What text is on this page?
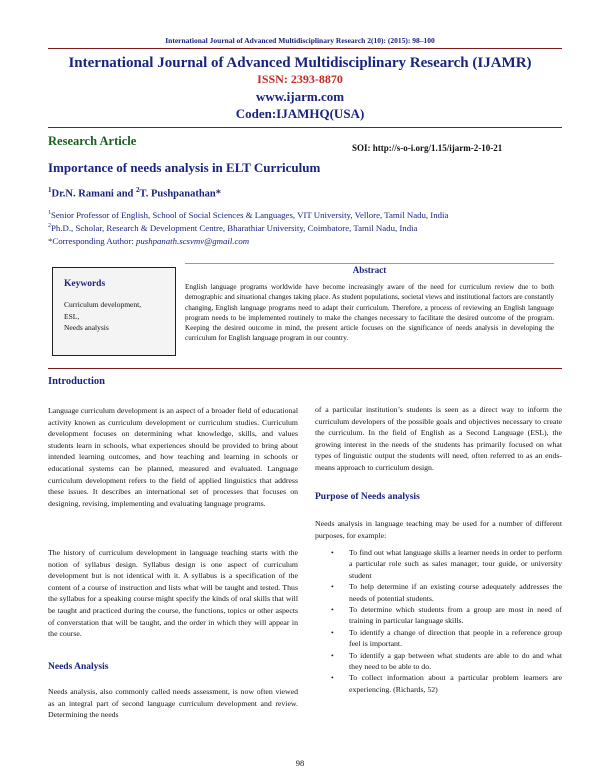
International Journal of Advanced Multidisciplinary Research 2(10): (2015): 98–100
International Journal of Advanced Multidisciplinary Research (IJAMR)
ISSN: 2393-8870
www.ijarm.com
Coden:IJAMHQ(USA)
Research Article	SOI: http://s-o-i.org/1.15/ijarm-2-10-21
Importance of needs analysis in ELT Curriculum
$^1$Dr.N. Ramani and $^2$T. Pushpanathan*
$^1$Senior Professor of English, School of Social Sciences & Languages, VIT University, Vellore, Tamil Nadu, India
$^2$Ph.D., Scholar, Research & Development Centre, Bharathiar University, Coimbatore, Tamil Nadu, India
*Corresponding Author: pushpanath.scsvmv@gmail.com
Keywords
Curriculum development,
ESL,
Needs analysis
Abstract
English language programs worldwide have become increasingly aware of the need for curriculum review due to both demographic and situational changes taking place. As student populations, societal views and institutional factors are constantly changing, English language programs need to adapt their curriculum. Therefore, a process of reviewing an English language program needs to be implemented routinely to make the changes necessary to facilitate the desired outcome of the program. Keeping the desired outcome in mind, the present article focuses on the significance of needs analysis in developing the curriculum for English language program in our country.
Introduction
Language curriculum development is an aspect of a broader field of educational activity known as curriculum development or curriculum studies. Curriculum development focuses on determining what knowledge, skills, and values students learn in schools, what experiences should be provided to bring about intended learning outcomes, and how teaching and learning in schools or educational systems can be planned, measured and evaluated. Language curriculum development refers to the field of applied linguistics that address these issues. It describes an international set of processes that focuses on designing, revising, implementing and evaluating language programs.
The history of curriculum development in language teaching starts with the notion of syllabus design. Syllabus design is one aspect of curriculum development but is not identical with it. A syllabus is a specification of the content of a course of instruction and lists what will be taught and tested. Thus the syllabus for a speaking course might specify the kinds of oral skills that will be taught and practiced during the course, the functions, topics or other aspects of converstation that will be taught, and the order in which they will appear in the course.
Needs Analysis
Needs analysis, also commonly called needs assessment, is now often viewed as an integral part of second language curriculum development and review. Determining the needs
of a particular institution’s students is seen as a direct way to inform the curriculum developers of the possible goals and objectives necessary to create the curriculum. In the field of English as a Second Language (ESL), the growing interest in the needs of the students has primarily focused on what types of linguistic output the students will need, often referred to as an ends-means approach to curriculum design.
Purpose of Needs analysis
Needs analysis in language teaching may be used for a number of different purposes, for example:
• To find out what language skills a learner needs in order to perform a particular role such as sales manager, tour guide, or university student
• To help determine if an existing course adequately addresses the needs of potential students.
• To determine which students from a group are most in need of training in particular language skills.
• To identify a change of direction that people in a reference group feel is important.
• To identify a gap between what students are able to do and what they need to be able to do.
• To collect information about a particular problem learners are experiencing. (Richards, 52)
98
